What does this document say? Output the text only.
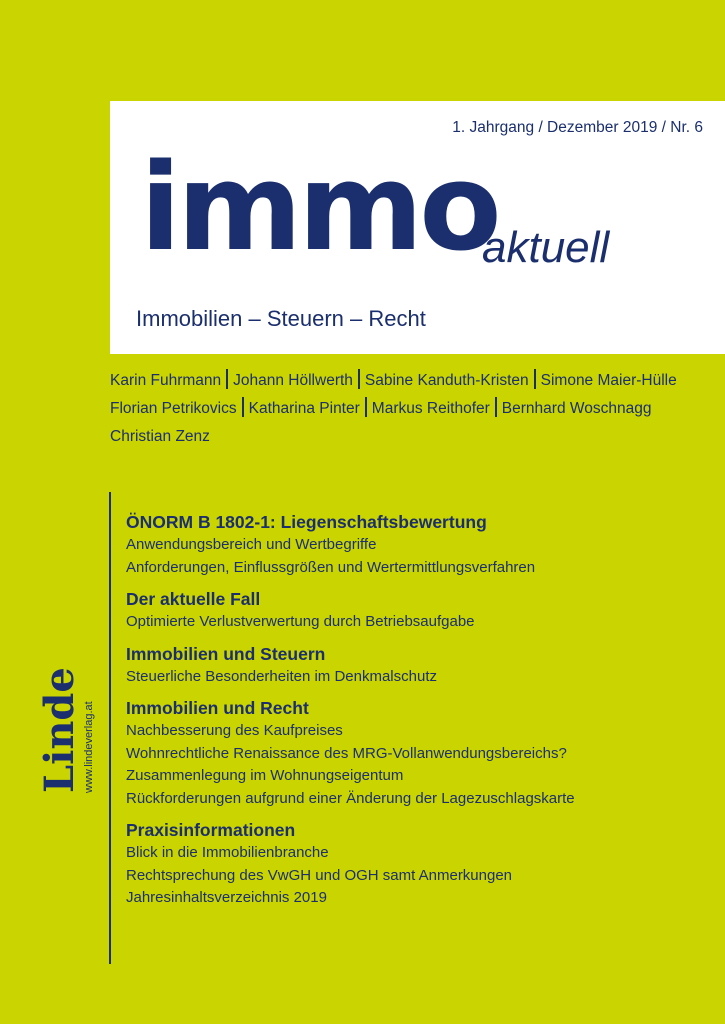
1. Jahrgang / Dezember 2019 / Nr. 6
immo
aktuell
Immobilien – Steuern – Recht
Karin Fuhrmann Johann Höllwerth Sabine Kanduth-Kristen Simone Maier-Hülle
Florian Petrikovics Katharina Pinter Markus Reithofer Bernhard Woschnagg
Christian Zenz
ÖNORM B 1802-1: Liegenschaftsbewertung
Anwendungsbereich und Wertbegriffe
Anforderungen, Einflussgrößen und Wertermittlungsverfahren
Der aktuelle Fall
Optimierte Verlustverwertung durch Betriebsaufgabe
Immobilien und Steuern
Steuerliche Besonderheiten im Denkmalschutz
Immobilien und Recht
Nachbesserung des Kaufpreises
Wohnrechtliche Renaissance des MRG-Vollanwendungsbereichs?
Zusammenlegung im Wohnungseigentum
Rückforderungen aufgrund einer Änderung der Lagezuschlagskarte
Praxisinformationen
Blick in die Immobilienbranche
Rechtsprechung des VwGH und OGH samt Anmerkungen
Jahresinhaltsverzeichnis 2019
Linde www.lindeverlag.at
